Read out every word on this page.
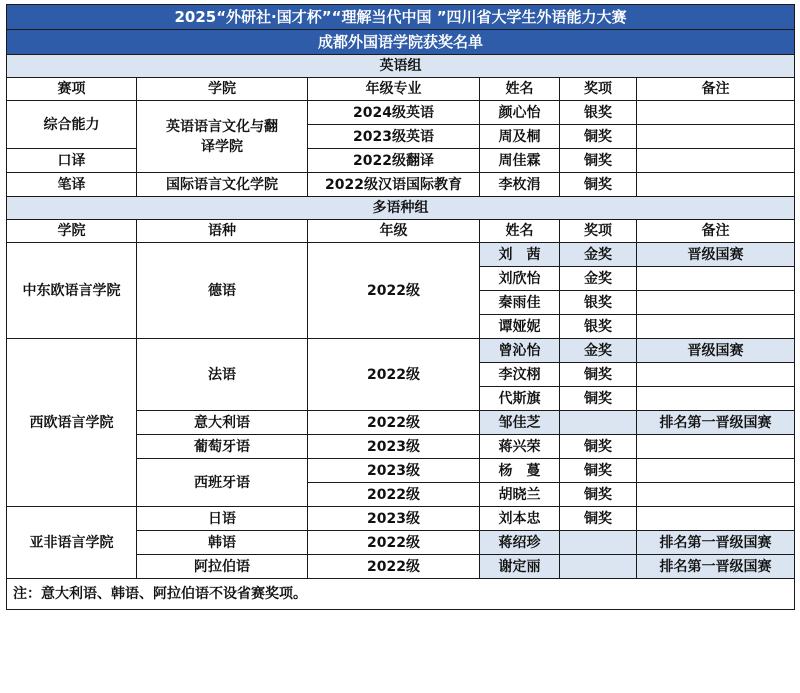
2025“外研社·国才杯”“理解当代中国 ”四川省大学生外语能力大赛					
成都外国语学院获奖名单					
英语组					
赛项	学院	年级专业	姓名	奖项	备注
综合能力	英语语言文化与翻译学院	2024级英语	颜心怡	银奖	
		2023级英语	周及桐	铜奖	
口译		2022级翻译	周佳霖	铜奖	
笔译	国际语言文化学院	2022级汉语国际教育	李枚涓	铜奖	
多语种组					
学院	语种	年级	姓名	奖项	备注
中东欧语言学院	德语	2022级	刘　茜	金奖	晋级国赛
			刘欣怡	金奖	
			秦雨佳	银奖	
			谭娅妮	银奖	
西欧语言学院	法语	2022级	曾沁怡	金奖	晋级国赛
			李汶栩	铜奖	
			代斯旗	铜奖	
	意大利语	2022级	邹佳芝		排名第一晋级国赛
	葡萄牙语	2023级	蒋兴荣	铜奖	
	西班牙语	2023级	杨　蔓	铜奖	
		2022级	胡晓兰	铜奖	
亚非语言学院	日语	2023级	刘本忠	铜奖	
	韩语	2022级	蒋绍珍		排名第一晋级国赛
	阿拉伯语	2022级	谢定丽		排名第一晋级国赛
注：意大利语、韩语、阿拉伯语不设省赛奖项。					
